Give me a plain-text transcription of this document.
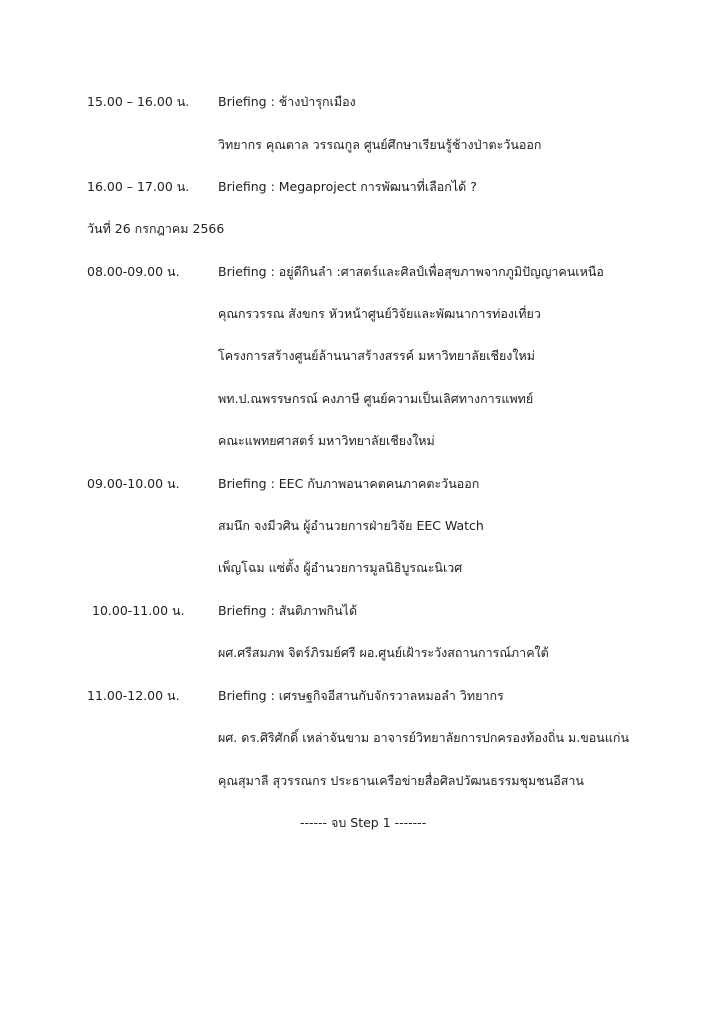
15.00 – 16.00 น. Briefing : ช้างป่ารุกเมือง
วิทยากร คุณตาล วรรณกูล ศูนย์ศึกษาเรียนรู้ช้างป่าตะวันออก
16.00 – 17.00 น. Briefing : Megaproject การพัฒนาที่เลือกได้ ?
วันที่ 26 กรกฎาคม 2566
08.00-09.00 น.	Briefing : อยู่ดีกินลำ :ศาสตร์และศิลป์เพื่อสุขภาพจากภูมิปัญญาคนเหนือ
คุณกรวรรณ สังขกร หัวหน้าศูนย์วิจัยและพัฒนาการท่องเที่ยว
โครงการสร้างศูนย์ล้านนาสร้างสรรค์ มหาวิทยาลัยเชียงใหม่
พท.ป.ณพรรษกรณ์ คงภาษี ศูนย์ความเป็นเลิศทางการแพทย์
คณะแพทยศาสตร์ มหาวิทยาลัยเชียงใหม่
09.00-10.00 น.	Briefing : EEC กับภาพอนาคตคนภาคตะวันออก
สมนึก จงมีวศิน ผู้อำนวยการฝ่ายวิจัย EEC Watch
เพ็ญโฉม แซ่ตั้ง ผู้อำนวยการมูลนิธิบูรณะนิเวศ
10.00-11.00 น.	Briefing : สันติภาพกินได้
ผศ.ศรีสมภพ จิตร์ภิรมย์ศรี ผอ.ศูนย์เฝ้าระวังสถานการณ์ภาคใต้
11.00-12.00 น.	Briefing : เศรษฐกิจอีสานกับจักรวาลหมอลำ วิทยากร
ผศ. ดร.ศิริศักดิ์ เหล่าจันขาม อาจารย์วิทยาลัยการปกครองท้องถิ่น ม.ขอนแก่น
คุณสุมาลี สุวรรณกร ประธานเครือข่ายสื่อศิลปวัฒนธรรมชุมชนอีสาน
------ จบ Step 1 -------
